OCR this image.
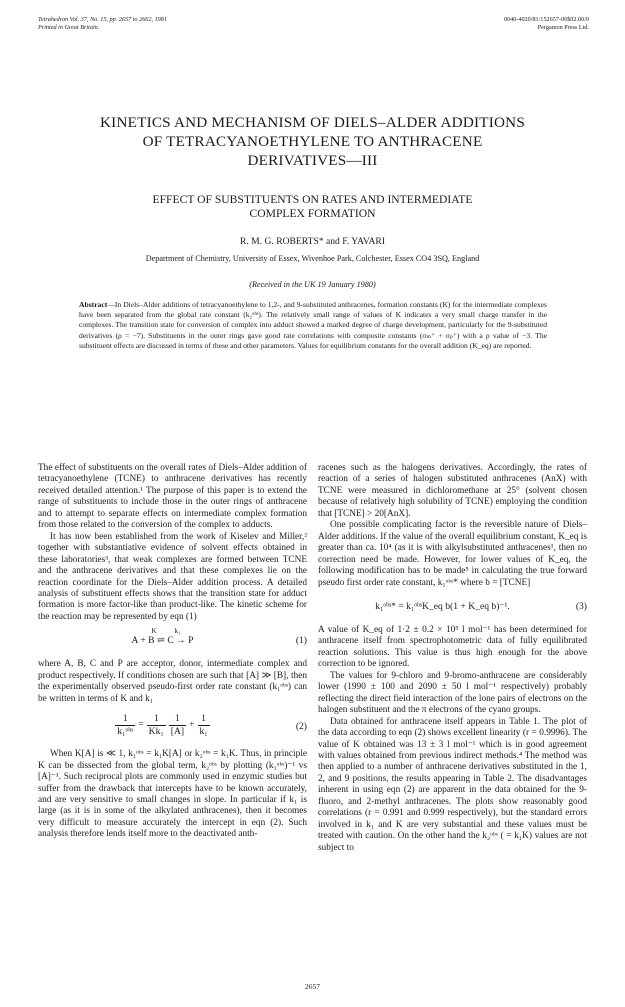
Tetrahedron Vol. 37, No. 15, pp. 2657 to 2662, 1981
Printed in Great Britain.
0040-4020/81/152657-06$02.00/0
Pergamon Press Ltd.
KINETICS AND MECHANISM OF DIELS–ALDER ADDITIONS
OF TETRACYANOETHYLENE TO ANTHRACENE
DERIVATIVES—III
EFFECT OF SUBSTITUENTS ON RATES AND INTERMEDIATE
COMPLEX FORMATION
R. M. G. ROBERTS* and F. YAVARI
Department of Chemistry, University of Essex, Wivenhoe Park, Colchester, Essex CO4 3SQ, England
(Received in the UK 19 January 1980)
Abstract—In Diels–Alder additions of tetracyanoethylene to 1,2-, and 9-substituted anthracenes, formation constants (K) for the intermediate complexes have been separated from the global rate constant (k₂ᵒᵇˢ). The relatively small range of values of K indicates a very small charge transfer in the complexes. The transition state for conversion of complex into adduct showed a marked degree of charge development, particularly for the 9-substituted derivatives (ρ = −7). Substituents in the outer rings gave good rate correlations with composite constants (σₘ⁺ + σₚ⁺) with a ρ value of −3. The substituent effects are discussed in terms of these and other parameters. Values for equilibrium constants for the overall addition (K_eq) are reported.

The effect of substituents on the overall rates of Diels–Alder addition of tetracyanoethylene (TCNE) to anthracene derivatives has recently received detailed attention.¹ The purpose of this paper is to extend the range of substituents to include those in the outer rings of anthracene and to attempt to separate effects on intermediate complex formation from those related to the conversion of the complex to adducts.

It has now been established from the work of Kiselev and Miller,² together with substantiative evidence of solvent effects obtained in these laboratories³, that weak complexes are formed between TCNE and the anthracene derivatives and that these complexes lie on the reaction coordinate for the Diels–Alder addition process. A detailed analysis of substituent effects shows that the transition state for adduct formation is more factor-like than product-like. The kinetic scheme for the reaction may be represented by eqn (1)

K	k₁
A + B ⇌ C → P	(1)

where A, B, C and P are acceptor, donor, intermediate complex and product respectively. If conditions chosen are such that [A] ≫ [B], then the experimentally observed pseudo-first order rate constant (k₁ᵒᵇˢ) can be written in terms of K and k₁

1
k₁ᵒᵇˢ
= $\frac{1}{\text{Kk₁}} \frac{1}{[A]} + \frac{1}{\text{k₁}}$	(2)

When K[A] is ≪ 1, k₁ᵒᵇˢ = k₁K[A] or k₂ᵒᵇˢ = k₁K. Thus, in principle K can be dissected from the global term, k₂ᵒᵇˢ by plotting (k₁ᵒᵇˢ)⁻¹ vs [A]⁻¹. Such reciprocal plots are commonly used in enzymic studies but suffer from the drawback that intercepts have to be known accurately, and are very sensitive to small changes in slope. In particular if k₁ is large (as it is in some of the alkylated anthracenes), then it becomes very difficult to measure accurately the intercept in eqn (2). Such analysis therefore lends itself more to the deactivated anth-

racenes such as the halogens derivatives. Accordingly, the rates of reaction of a series of halogen substituted anthracenes (AnX) with TCNE were measured in dichloromethane at 25° (solvent chosen because of relatively high solubility of TCNE) employing the condition that [TCNE] > 20[AnX].

One possible complicating factor is the reversible nature of Diels–Alder additions. If the value of the overall equilibrium constant, K_eq is greater than ca. 10⁴ (as it is with alkylsubstituted anthracenes¹, then no correction need be made. However, for lower values of K_eq, the following modification has to be made⁵ in calculating the true forward pseudo first order rate constant, k₁ᵒᵇˢ* where b = [TCNE]

k₁ᵒᵇˢ* = k₁ᵒᵇˢK_eq b(1 + K_eq b)⁻¹.	(3)

A value of K_eq of 1·2 ± 0.2 × 10⁵ l mol⁻¹ has been determined for anthracene itself from spectrophotometric data of fully equilibrated reaction solutions. This value is thus high enough for the above correction to be ignored.

The values for 9-chloro and 9-bromo-anthracene are considerably lower (1990 ± 100 and 2090 ± 50 l mol⁻¹ respectively) probably reflecting the direct field interaction of the lone pairs of electrons on the halogen substituent and the π electrons of the cyano groups.

Data obtained for anthracene itself appears in Table 1. The plot of the data according to eqn (2) shows excellent linearity (r = 0.9996). The value of K obtained was 13 ± 3 l mol⁻¹ which is in good agreement with values obtained from previous indirect methods.⁴ The method was then applied to a number of anthracene derivatives substituted in the 1, 2, and 9 positions, the results appearing in Table 2. The disadvantages inherent in using eqn (2) are apparent in the data obtained for the 9-fluoro, and 2-methyl anthracenes. The plots show reasonably good correlations (r = 0.991 and 0.999 respectively), but the standard errors involved in k₁ and K are very substantial and these values must be treated with caution. On the other hand the k₂ᵒᵇˢ ( = k₁K) values are not subject to

2657
